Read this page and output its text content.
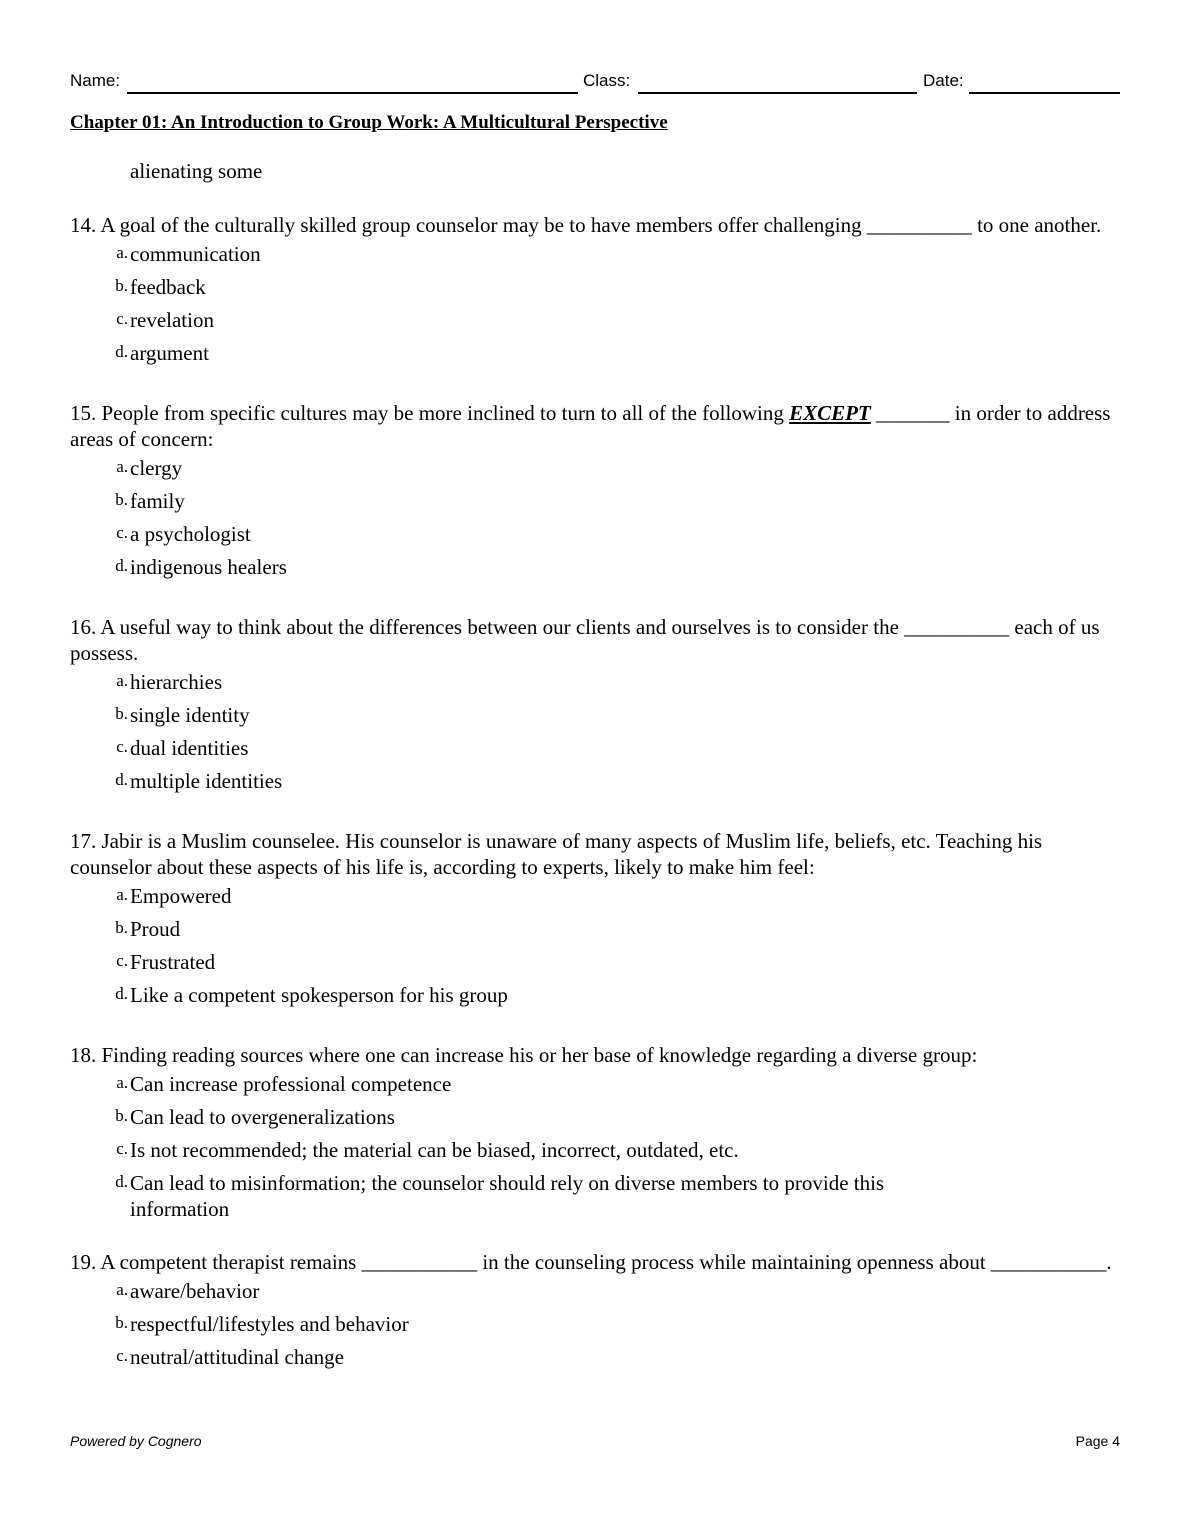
Name:	Class:	Date:
Chapter 01: An Introduction to Group Work: A Multicultural Perspective

alienating some

14. A goal of the culturally skilled group counselor may be to have members offer challenging __________ to one another.

a. communication
b. feedback
c. revelation
d. argument

15. People from specific cultures may be more inclined to turn to all of the following EXCEPT _______ in order to address areas of concern:

a. clergy
b. family
c. a psychologist
d. indigenous healers

16. A useful way to think about the differences between our clients and ourselves is to consider the __________ each of us possess.

a. hierarchies
b. single identity
c. dual identities
d. multiple identities

17. Jabir is a Muslim counselee. His counselor is unaware of many aspects of Muslim life, beliefs, etc. Teaching his counselor about these aspects of his life is, according to experts, likely to make him feel:

a. Empowered
b. Proud
c. Frustrated
d. Like a competent spokesperson for his group

18. Finding reading sources where one can increase his or her base of knowledge regarding a diverse group:

a. Can increase professional competence
b. Can lead to overgeneralizations
c. Is not recommended; the material can be biased, incorrect, outdated, etc.
d. Can lead to misinformation; the counselor should rely on diverse members to provide this information

19. A competent therapist remains ___________ in the counseling process while maintaining openness about ___________.

a. aware/behavior
b. respectful/lifestyles and behavior
c. neutral/attitudinal change
Powered by Cognero	Page 4
